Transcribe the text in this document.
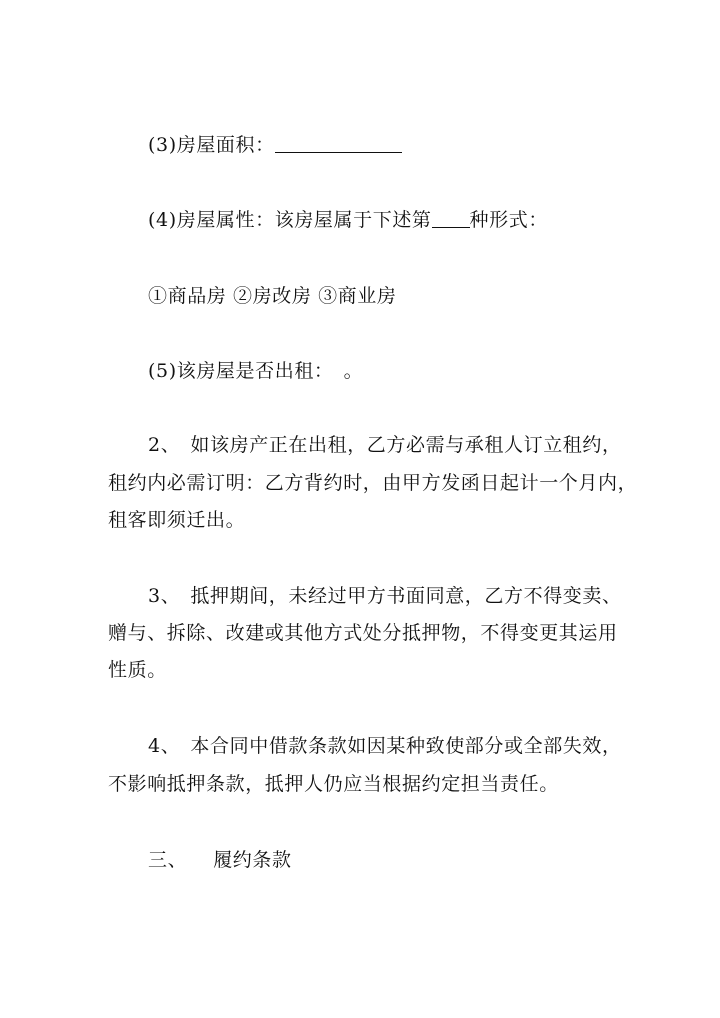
(3)房屋面积：
(4)房屋属性：该房屋属于下述第 种形式：
①商品房 ②房改房 ③商业房
(5)该房屋是否出租：　。
2、　如该房产正在出租，乙方必需与承租人订立租约，
租约内必需订明：乙方背约时，由甲方发函日起计一个月内，
租客即须迁出。
3、　抵押期间，未经过甲方书面同意，乙方不得变卖、
赠与、拆除、改建或其他方式处分抵押物，不得变更其运用
性质。
4、　本合同中借款条款如因某种致使部分或全部失效，
不影响抵押条款，抵押人仍应当根据约定担当责任。
三、 履约条款
